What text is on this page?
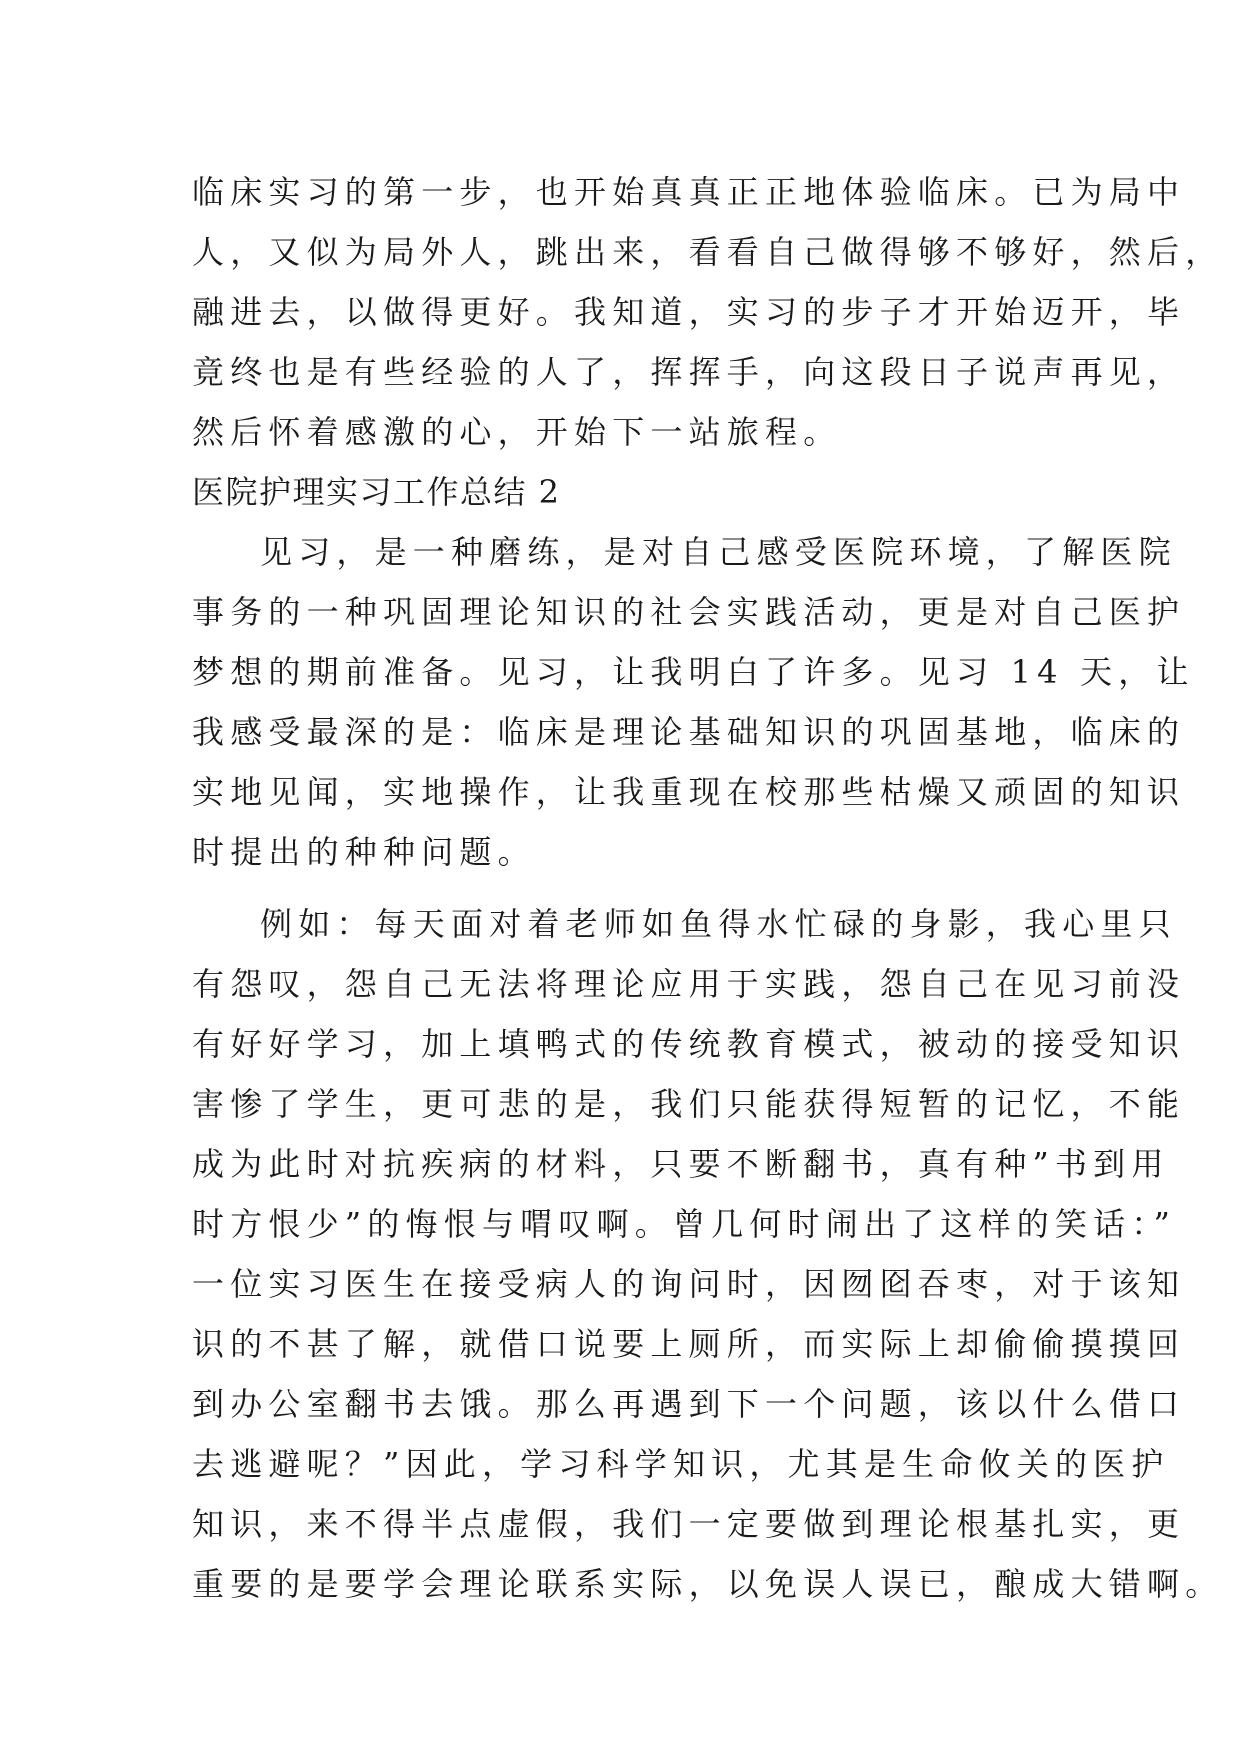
临床实习的第一步，也开始真真正正地体验临床。已为局中
人，又似为局外人，跳出来，看看自己做得够不够好，然后，
融进去，以做得更好。我知道，实习的步子才开始迈开，毕
竟终也是有些经验的人了，挥挥手，向这段日子说声再见，
然后怀着感激的心，开始下一站旅程。
医院护理实习工作总结 2
见习，是一种磨练，是对自己感受医院环境，了解医院
事务的一种巩固理论知识的社会实践活动，更是对自己医护
梦想的期前准备。见习，让我明白了许多。见习 14 天，让
我感受最深的是：临床是理论基础知识的巩固基地，临床的
实地见闻，实地操作，让我重现在校那些枯燥又顽固的知识
时提出的种种问题。
例如：每天面对着老师如鱼得水忙碌的身影，我心里只
有怨叹，怨自己无法将理论应用于实践，怨自己在见习前没
有好好学习，加上填鸭式的传统教育模式，被动的接受知识
害惨了学生，更可悲的是，我们只能获得短暂的记忆，不能
成为此时对抗疾病的材料，只要不断翻书，真有种”书到用
时方恨少”的悔恨与喟叹啊。曾几何时闹出了这样的笑话：”
一位实习医生在接受病人的询问时，因囫囵吞枣，对于该知
识的不甚了解，就借口说要上厕所，而实际上却偷偷摸摸回
到办公室翻书去饿。那么再遇到下一个问题，该以什么借口
去逃避呢？”因此，学习科学知识，尤其是生命攸关的医护
知识，来不得半点虚假，我们一定要做到理论根基扎实，更
重要的是要学会理论联系实际，以免误人误已，酿成大错啊。
